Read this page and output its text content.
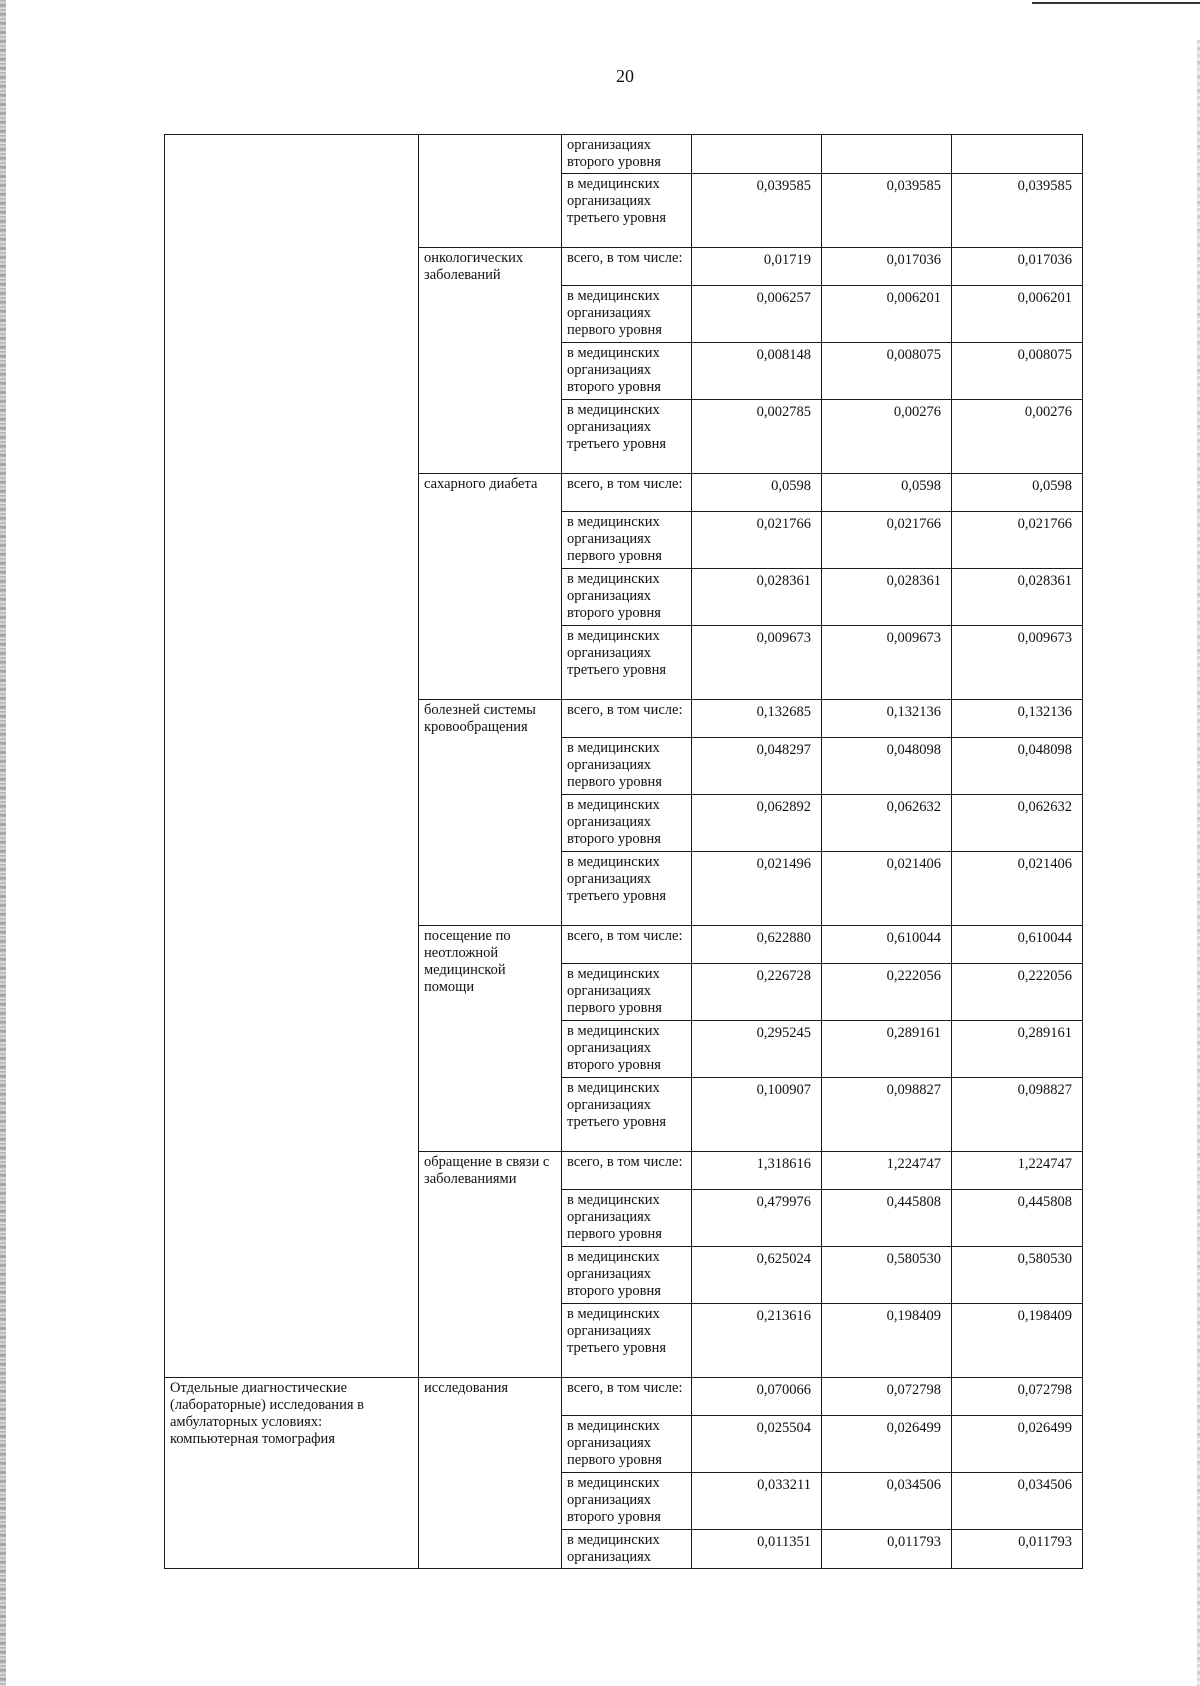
20
		организациях второго уровня			
		в медицинских организациях третьего уровня	0,039585	0,039585	0,039585
	онкологических заболеваний	всего, в том числе:	0,01719	0,017036	0,017036
		в медицинских организациях первого уровня	0,006257	0,006201	0,006201
		в медицинских организациях второго уровня	0,008148	0,008075	0,008075
		в медицинских организациях третьего уровня	0,002785	0,00276	0,00276
	сахарного диабета	всего, в том числе:	0,0598	0,0598	0,0598
		в медицинских организациях первого уровня	0,021766	0,021766	0,021766
		в медицинских организациях второго уровня	0,028361	0,028361	0,028361
		в медицинских организациях третьего уровня	0,009673	0,009673	0,009673
	болезней системы кровообращения	всего, в том числе:	0,132685	0,132136	0,132136
		в медицинских организациях первого уровня	0,048297	0,048098	0,048098
		в медицинских организациях второго уровня	0,062892	0,062632	0,062632
		в медицинских организациях третьего уровня	0,021496	0,021406	0,021406
	посещение по неотложной медицинской помощи	всего, в том числе:	0,622880	0,610044	0,610044
		в медицинских организациях первого уровня	0,226728	0,222056	0,222056
		в медицинских организациях второго уровня	0,295245	0,289161	0,289161
		в медицинских организациях третьего уровня	0,100907	0,098827	0,098827
	обращение в связи с заболеваниями	всего, в том числе:	1,318616	1,224747	1,224747
		в медицинских организациях первого уровня	0,479976	0,445808	0,445808
		в медицинских организациях второго уровня	0,625024	0,580530	0,580530
		в медицинских организациях третьего уровня	0,213616	0,198409	0,198409
Отдельные диагностические (лабораторные) исследования в амбулаторных условиях: компьютерная томография	исследования	всего, в том числе:	0,070066	0,072798	0,072798
		в медицинских организациях первого уровня	0,025504	0,026499	0,026499
		в медицинских организациях второго уровня	0,033211	0,034506	0,034506
		в медицинских организациях	0,011351	0,011793	0,011793
